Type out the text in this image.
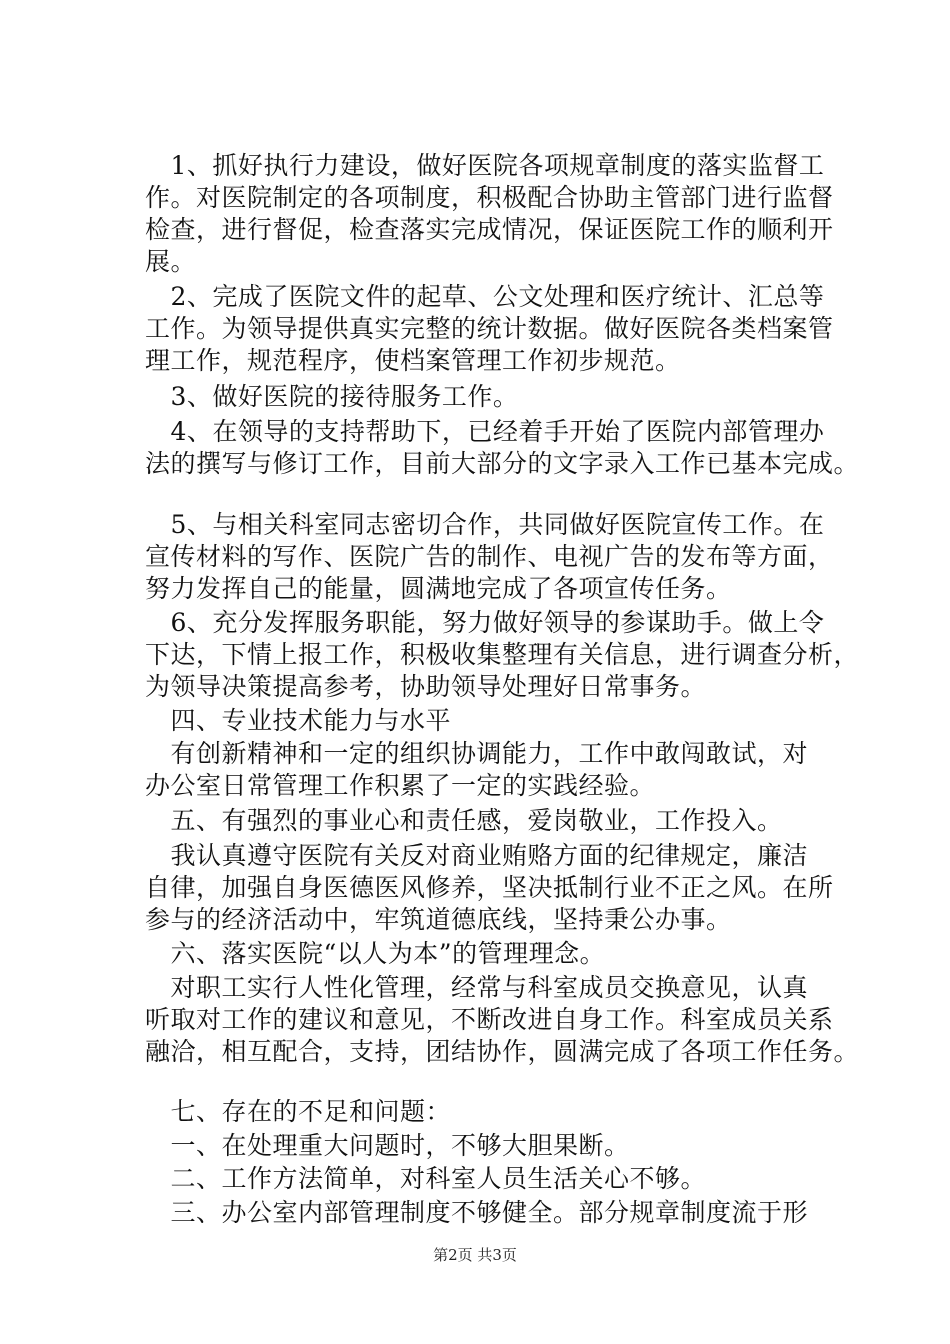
　1、抓好执行力建设，做好医院各项规章制度的落实监督工
作。对医院制定的各项制度，积极配合协助主管部门进行监督
检查，进行督促，检查落实完成情况，保证医院工作的顺利开
展。
　2、完成了医院文件的起草、公文处理和医疗统计、汇总等
工作。为领导提供真实完整的统计数据。做好医院各类档案管
理工作，规范程序，使档案管理工作初步规范。
　3、做好医院的接待服务工作。
　4、在领导的支持帮助下，已经着手开始了医院内部管理办
法的撰写与修订工作，目前大部分的文字录入工作已基本完成。
　5、与相关科室同志密切合作，共同做好医院宣传工作。在
宣传材料的写作、医院广告的制作、电视广告的发布等方面，
努力发挥自己的能量，圆满地完成了各项宣传任务。
　6、充分发挥服务职能，努力做好领导的参谋助手。做上令
下达，下情上报工作，积极收集整理有关信息，进行调查分析，
为领导决策提高参考，协助领导处理好日常事务。
　四、专业技术能力与水平
　有创新精神和一定的组织协调能力，工作中敢闯敢试，对
办公室日常管理工作积累了一定的实践经验。
　五、有强烈的事业心和责任感，爱岗敬业，工作投入。
　我认真遵守医院有关反对商业贿赂方面的纪律规定，廉洁
自律，加强自身医德医风修养，坚决抵制行业不正之风。在所
参与的经济活动中，牢筑道德底线，坚持秉公办事。
　六、落实医院“以人为本”的管理理念。
　对职工实行人性化管理，经常与科室成员交换意见，认真
听取对工作的建议和意见，不断改进自身工作。科室成员关系
融洽，相互配合，支持，团结协作，圆满完成了各项工作任务。
　七、存在的不足和问题：
　一、在处理重大问题时，不够大胆果断。
　二、工作方法简单，对科室人员生活关心不够。
　三、办公室内部管理制度不够健全。部分规章制度流于形
第2页 共3页
